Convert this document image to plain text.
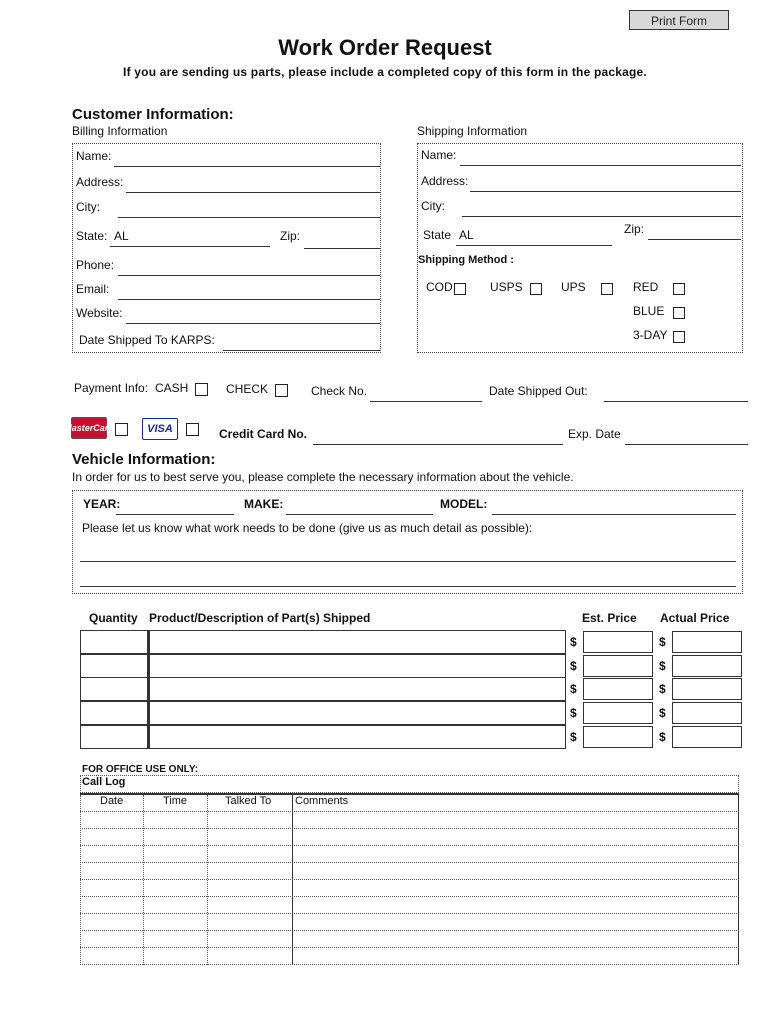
Print Form
Work Order Request
If you are sending us parts, please include a completed copy of this form in the package.
Customer Information:
Billing Information	Shipping Information
Name:
Address:
City:
State: AL	Zip:
Phone:
Email:
Website:
Date Shipped To KARPS:
Name:
Address:
City:
State AL	Zip:
Shipping Method :
COD	USPS	UPS	RED
BLUE
3-DAY
Payment Info: CASH	CHECK	Check No.	Date Shipped Out:
MasterCard	VISA	Credit Card No.	Exp. Date
Vehicle Information:
In order for us to best serve you, please complete the necessary information about the vehicle.
YEAR:	MAKE:	MODEL:
Please let us know what work needs to be done (give us as much detail as possible):
Quantity Product/Description of Part(s) Shipped	Est. Price Actual Price
$	$
$	$
$	$
$	$
$	$
FOR OFFICE USE ONLY:
Call Log
Date	Time	Talked To Comments
